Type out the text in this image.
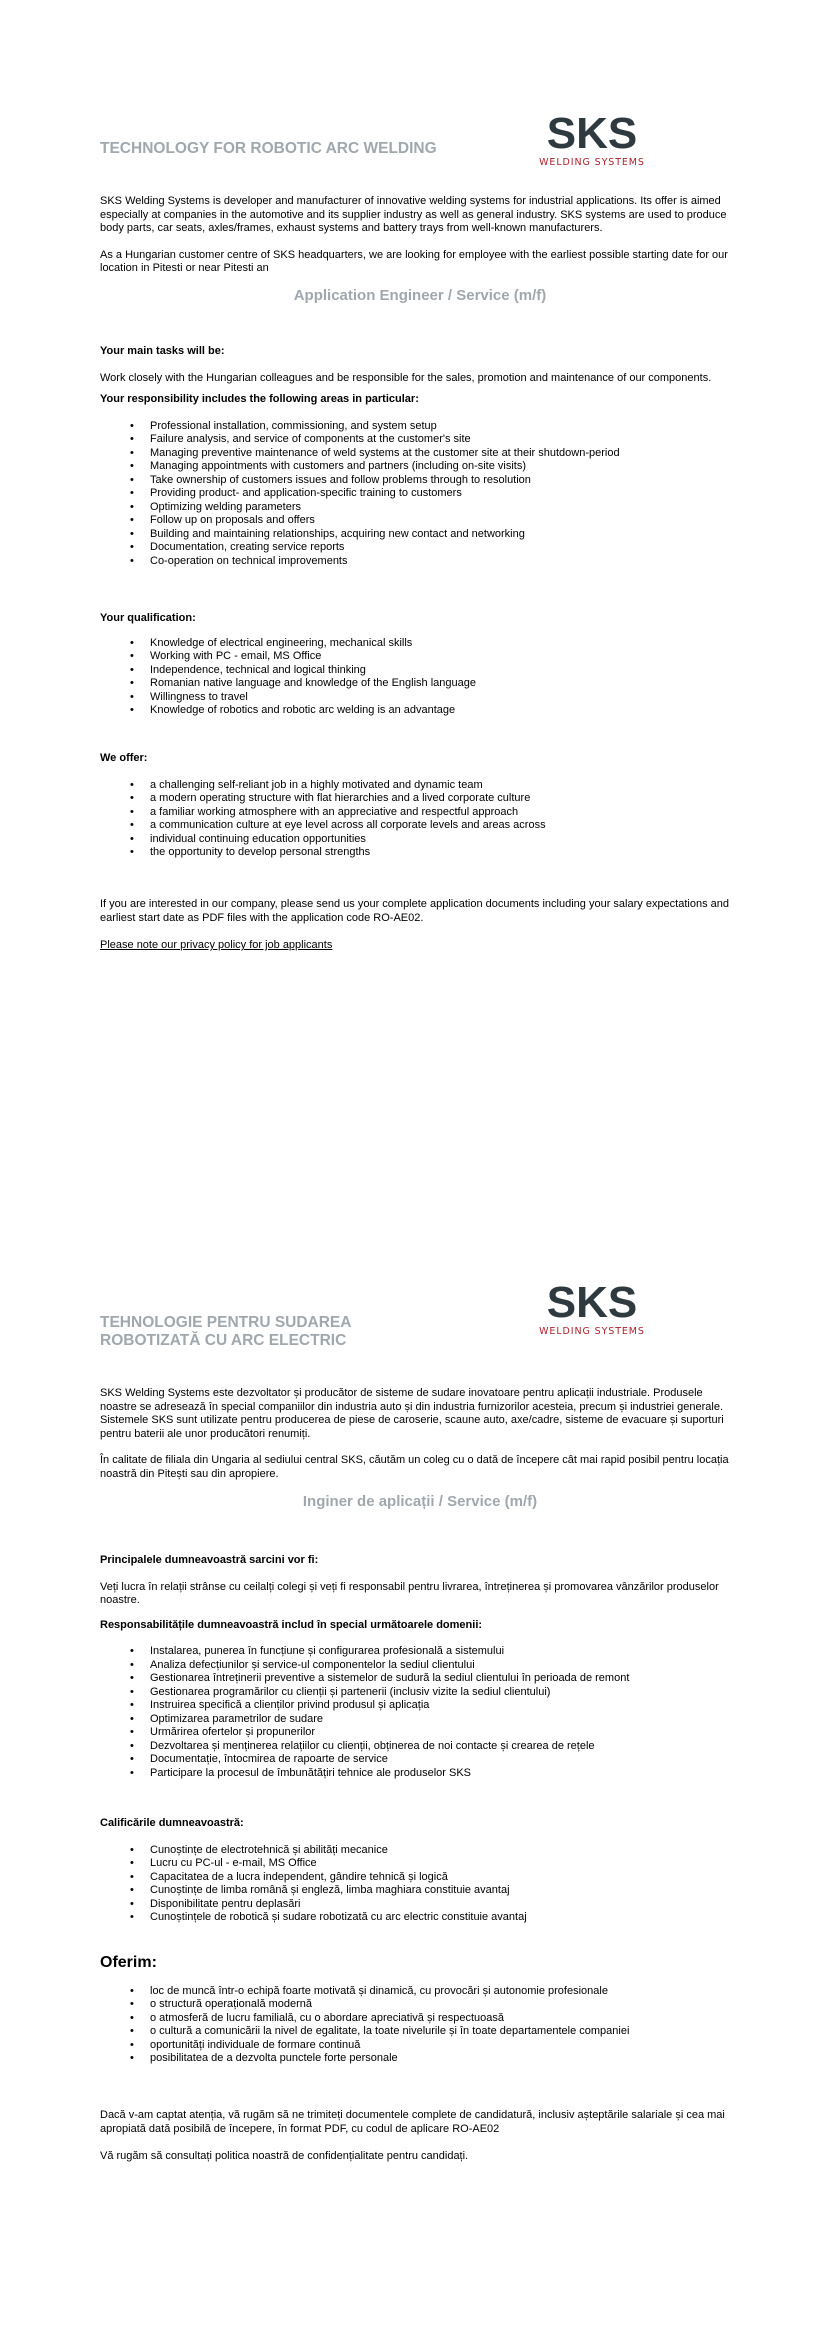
SKS
WELDING SYSTEMS
TECHNOLOGY FOR ROBOTIC ARC WELDING

SKS Welding Systems is developer and manufacturer of innovative welding systems for industrial applications. Its offer is aimed especially at companies in the automotive and its supplier industry as well as general industry. SKS systems are used to produce body parts, car seats, axles/frames, exhaust systems and battery trays from well-known manufacturers.

As a Hungarian customer centre of SKS headquarters, we are looking for employee with the earliest possible starting date for our location in Pitesti or near Pitesti an

Application Engineer / Service (m/f)

Your main tasks will be:

Work closely with the Hungarian colleagues and be responsible for the sales, promotion and maintenance of our components.

Your responsibility includes the following areas in particular:

• Professional installation, commissioning, and system setup
• Failure analysis, and service of components at the customer's site
• Managing preventive maintenance of weld systems at the customer site at their shutdown-period
• Managing appointments with customers and partners (including on-site visits)
• Take ownership of customers issues and follow problems through to resolution
• Providing product- and application-specific training to customers
• Optimizing welding parameters
• Follow up on proposals and offers
• Building and maintaining relationships, acquiring new contact and networking
• Documentation, creating service reports
• Co-operation on technical improvements

Your qualification:

• Knowledge of electrical engineering, mechanical skills
• Working with PC - email, MS Office
• Independence, technical and logical thinking
• Romanian native language and knowledge of the English language
• Willingness to travel
• Knowledge of robotics and robotic arc welding is an advantage

We offer:

• a challenging self-reliant job in a highly motivated and dynamic team
• a modern operating structure with flat hierarchies and a lived corporate culture
• a familiar working atmosphere with an appreciative and respectful approach
• a communication culture at eye level across all corporate levels and areas across
• individual continuing education opportunities
• the opportunity to develop personal strengths

If you are interested in our company, please send us your complete application documents including your salary expectations and earliest start date as PDF files with the application code RO-AE02.

Please note our privacy policy for job applicants

SKS
WELDING SYSTEMS
TEHNOLOGIE PENTRU SUDAREA
ROBOTIZATĂ CU ARC ELECTRIC

SKS Welding Systems este dezvoltator și producător de sisteme de sudare inovatoare pentru aplicații industriale. Produsele noastre se adresează în special companiilor din industria auto și din industria furnizorilor acesteia, precum și industriei generale. Sistemele SKS sunt utilizate pentru producerea de piese de caroserie, scaune auto, axe/cadre, sisteme de evacuare și suporturi pentru baterii ale unor producători renumiți.

În calitate de filiala din Ungaria al sediului central SKS, căutăm un coleg cu o dată de începere cât mai rapid posibil pentru locația noastră din Pitești sau din apropiere.

Inginer de aplicații / Service (m/f)

Principalele dumneavoastră sarcini vor fi:

Veți lucra în relații strânse cu ceilalți colegi și veți fi responsabil pentru livrarea, întreținerea și promovarea vânzărilor produselor noastre.

Responsabilitățile dumneavoastră includ în special următoarele domenii:

• Instalarea, punerea în funcțiune și configurarea profesională a sistemului
• Analiza defecțiunilor și service-ul componentelor la sediul clientului
• Gestionarea întreținerii preventive a sistemelor de sudură la sediul clientului în perioada de remont
• Gestionarea programărilor cu clienții și partenerii (inclusiv vizite la sediul clientului)
• Instruirea specifică a clienților privind produsul și aplicația
• Optimizarea parametrilor de sudare
• Urmărirea ofertelor și propunerilor
• Dezvoltarea și menținerea relațiilor cu clienții, obținerea de noi contacte și crearea de rețele
• Documentație, întocmirea de rapoarte de service
• Participare la procesul de îmbunătățiri tehnice ale produselor SKS

Calificările dumneavoastră:

• Cunoștințe de electrotehnică și abilități mecanice
• Lucru cu PC-ul - e-mail, MS Office
• Capacitatea de a lucra independent, gândire tehnică și logică
• Cunoștințe de limba română și engleză, limba maghiara constituie avantaj
• Disponibilitate pentru deplasări
• Cunoștințele de robotică și sudare robotizată cu arc electric constituie avantaj

Oferim:

• loc de muncă într-o echipă foarte motivată și dinamică, cu provocări și autonomie profesionale
• o structură operațională modernă
• o atmosferă de lucru familială, cu o abordare apreciativă și respectuoasă
• o cultură a comunicării la nivel de egalitate, la toate nivelurile și în toate departamentele companiei
• oportunități individuale de formare continuă
• posibilitatea de a dezvolta punctele forte personale

Dacă v-am captat atenția, vă rugăm să ne trimiteți documentele complete de candidatură, inclusiv așteptările salariale și cea mai apropiată dată posibilă de începere, în format PDF, cu codul de aplicare RO-AE02

Vă rugăm să consultați politica noastră de confidențialitate pentru candidați.
